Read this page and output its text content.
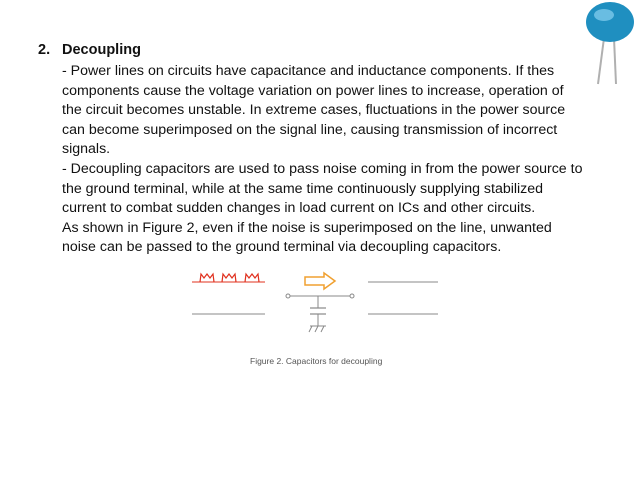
2. Decoupling
- Power lines on circuits have capacitance and inductance components. If thes
components cause the voltage variation on power lines to increase, operation of
the circuit becomes unstable. In extreme cases, fluctuations in the power source
can become superimposed on the signal line, causing transmission of incorrect
signals.
- Decoupling capacitors are used to pass noise coming in from the power source to
the ground terminal, while at the same time continuously supplying stabilized
current to combat sudden changes in load current on ICs and other circuits.
As shown in Figure 2, even if the noise is superimposed on the line, unwanted
noise can be passed to the ground terminal via decoupling capacitors.
Figure 2. Capacitors for decoupling
